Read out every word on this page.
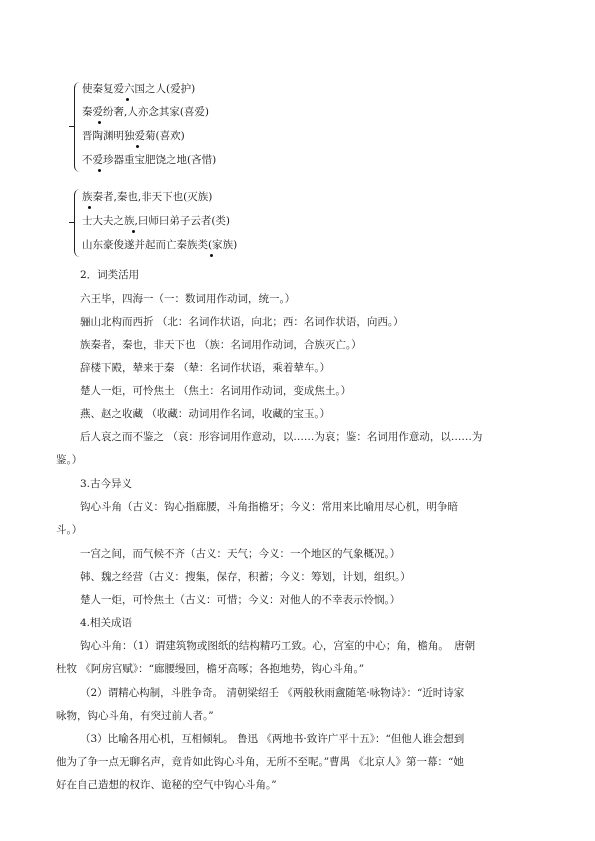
使秦复爱六国之人(爱护)
秦爱纷奢,人亦念其家(喜爱)
晋陶渊明独爱菊(喜欢)
不爱珍器重宝肥饶之地(吝惜)
族秦者,秦也,非天下也(灭族)
士大夫之族,曰师曰弟子云者(类)
山东豪俊遂并起而亡秦族类(家族)
2．词类活用
六王毕，四海一（一：数词用作动词，统一。）
骊山北构而西折 （北：名词作状语，向北；西：名词作状语，向西。）
族秦者，秦也，非天下也 （族：名词用作动词，合族灭亡。）
辞楼下殿，辇来于秦 （辇：名词作状语，乘着辇车。）
楚人一炬，可怜焦土 （焦土：名词用作动词，变成焦土。）
燕、赵之收藏 （收藏：动词用作名词，收藏的宝玉。）
后人哀之而不鉴之 （哀：形容词用作意动，以……为哀；鉴：名词用作意动，以……为
鉴。）
3.古今异义
钩心斗角（古义：钩心指廊腰，斗角指檐牙；今义：常用来比喻用尽心机，明争暗
斗。）
一宫之间，而气候不齐（古义：天气；今义：一个地区的气象概况。）
韩、魏之经营（古义：搜集，保存，积蓄；今义：筹划，计划，组织。）
楚人一炬，可怜焦土（古义：可惜；今义：对他人的不幸表示怜悯。）
4.相关成语
钩心斗角：（1）谓建筑物或图纸的结构精巧工致。心，宫室的中心；角，檐角。　唐朝
杜牧 《阿房宫赋》：“廊腰缦回，檐牙高啄；各抱地势，钩心斗角。”
（2）谓精心构制，斗胜争奇。 清朝梁绍壬 《两般秋雨盦随笔·咏物诗》：“近时诗家
咏物，钩心斗角，有突过前人者。”
（3）比喻各用心机，互相倾轧。 鲁迅 《两地书·致许广平十五》：“但他人谁会想到
他为了争一点无聊名声，竟肯如此钩心斗角，无所不至呢。”曹禺 《北京人》第一幕：“她
好在自己造想的权诈、诡秘的空气中钩心斗角。”
